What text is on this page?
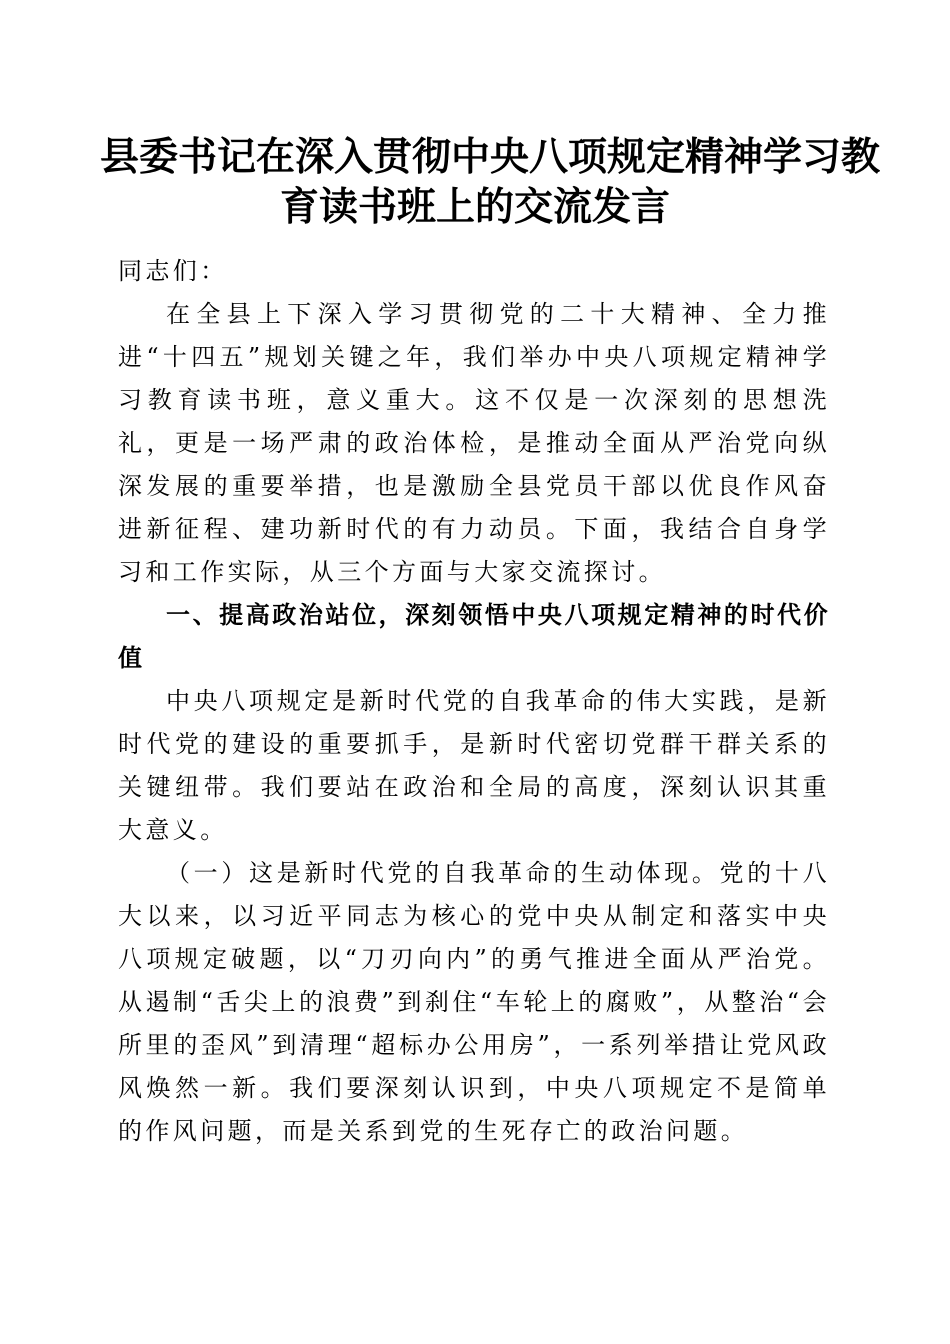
县委书记在深入贯彻中央八项规定精神学习教
育读书班上的交流发言

同志们：

在全县上下深入学习贯彻党的二十大精神、全力推进“十四五”规划关键之年，我们举办中央八项规定精神学习教育读书班，意义重大。这不仅是一次深刻的思想洗礼，更是一场严肃的政治体检，是推动全面从严治党向纵深发展的重要举措，也是激励全县党员干部以优良作风奋进新征程、建功新时代的有力动员。下面，我结合自身学习和工作实际，从三个方面与大家交流探讨。

一、提高政治站位，深刻领悟中央八项规定精神的时代价值

中央八项规定是新时代党的自我革命的伟大实践，是新时代党的建设的重要抓手，是新时代密切党群干群关系的关键纽带。我们要站在政治和全局的高度，深刻认识其重大意义。

（一）这是新时代党的自我革命的生动体现。党的十八大以来，以习近平同志为核心的党中央从制定和落实中央八项规定破题，以“刀刃向内”的勇气推进全面从严治党。从遏制“舌尖上的浪费”到刹住“车轮上的腐败”，从整治“会所里的歪风”到清理“超标办公用房”，一系列举措让党风政风焕然一新。我们要深刻认识到，中央八项规定不是简单的作风问题，而是关系到党的生死存亡的政治问题。
